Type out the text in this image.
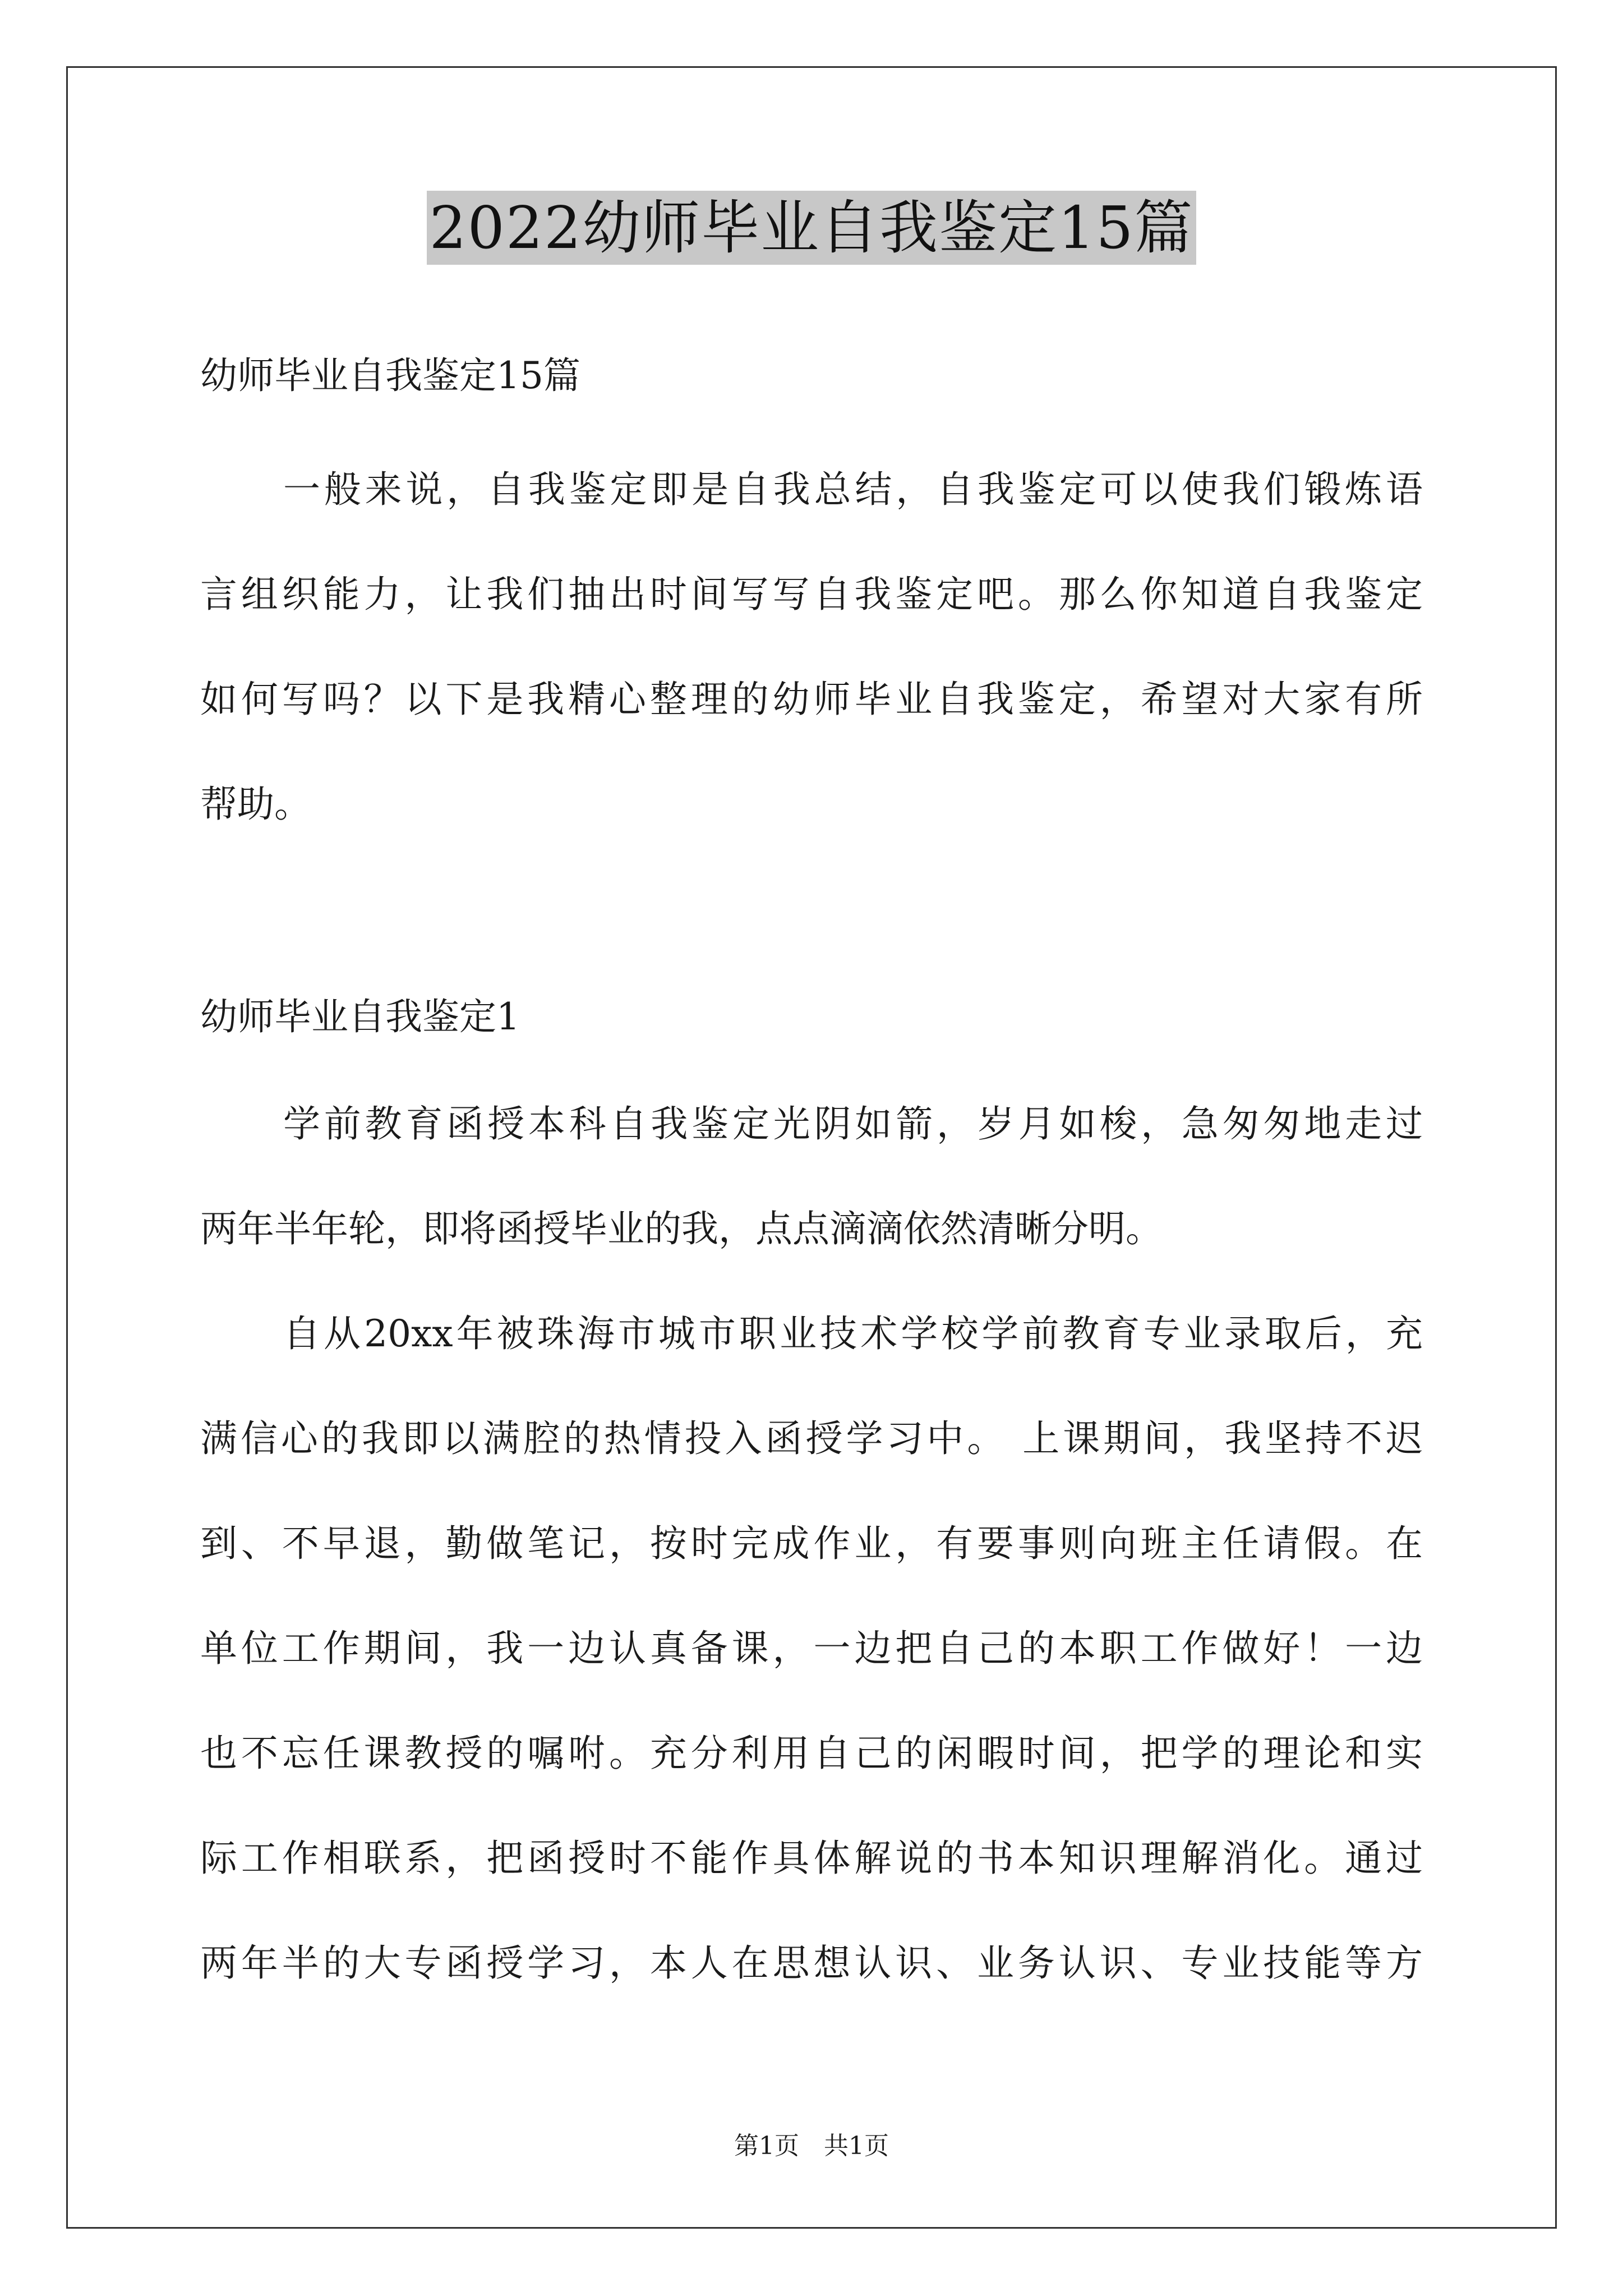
2022幼师毕业自我鉴定15篇
幼师毕业自我鉴定15篇
一般来说，自我鉴定即是自我总结，自我鉴定可以使我们锻炼语
言组织能力，让我们抽出时间写写自我鉴定吧。那么你知道自我鉴定
如何写吗？以下是我精心整理的幼师毕业自我鉴定，希望对大家有所
帮助。
幼师毕业自我鉴定1
学前教育函授本科自我鉴定光阴如箭，岁月如梭，急匆匆地走过
两年半年轮，即将函授毕业的我，点点滴滴依然清晰分明。
自从20xx年被珠海市城市职业技术学校学前教育专业录取后，充
满信心的我即以满腔的热情投入函授学习中。 上课期间，我坚持不迟
到、不早退，勤做笔记，按时完成作业，有要事则向班主任请假。在
单位工作期间，我一边认真备课，一边把自己的本职工作做好！一边
也不忘任课教授的嘱咐。充分利用自己的闲暇时间，把学的理论和实
际工作相联系，把函授时不能作具体解说的书本知识理解消化。通过
两年半的大专函授学习，本人在思想认识、业务认识、专业技能等方
第1页　共1页
